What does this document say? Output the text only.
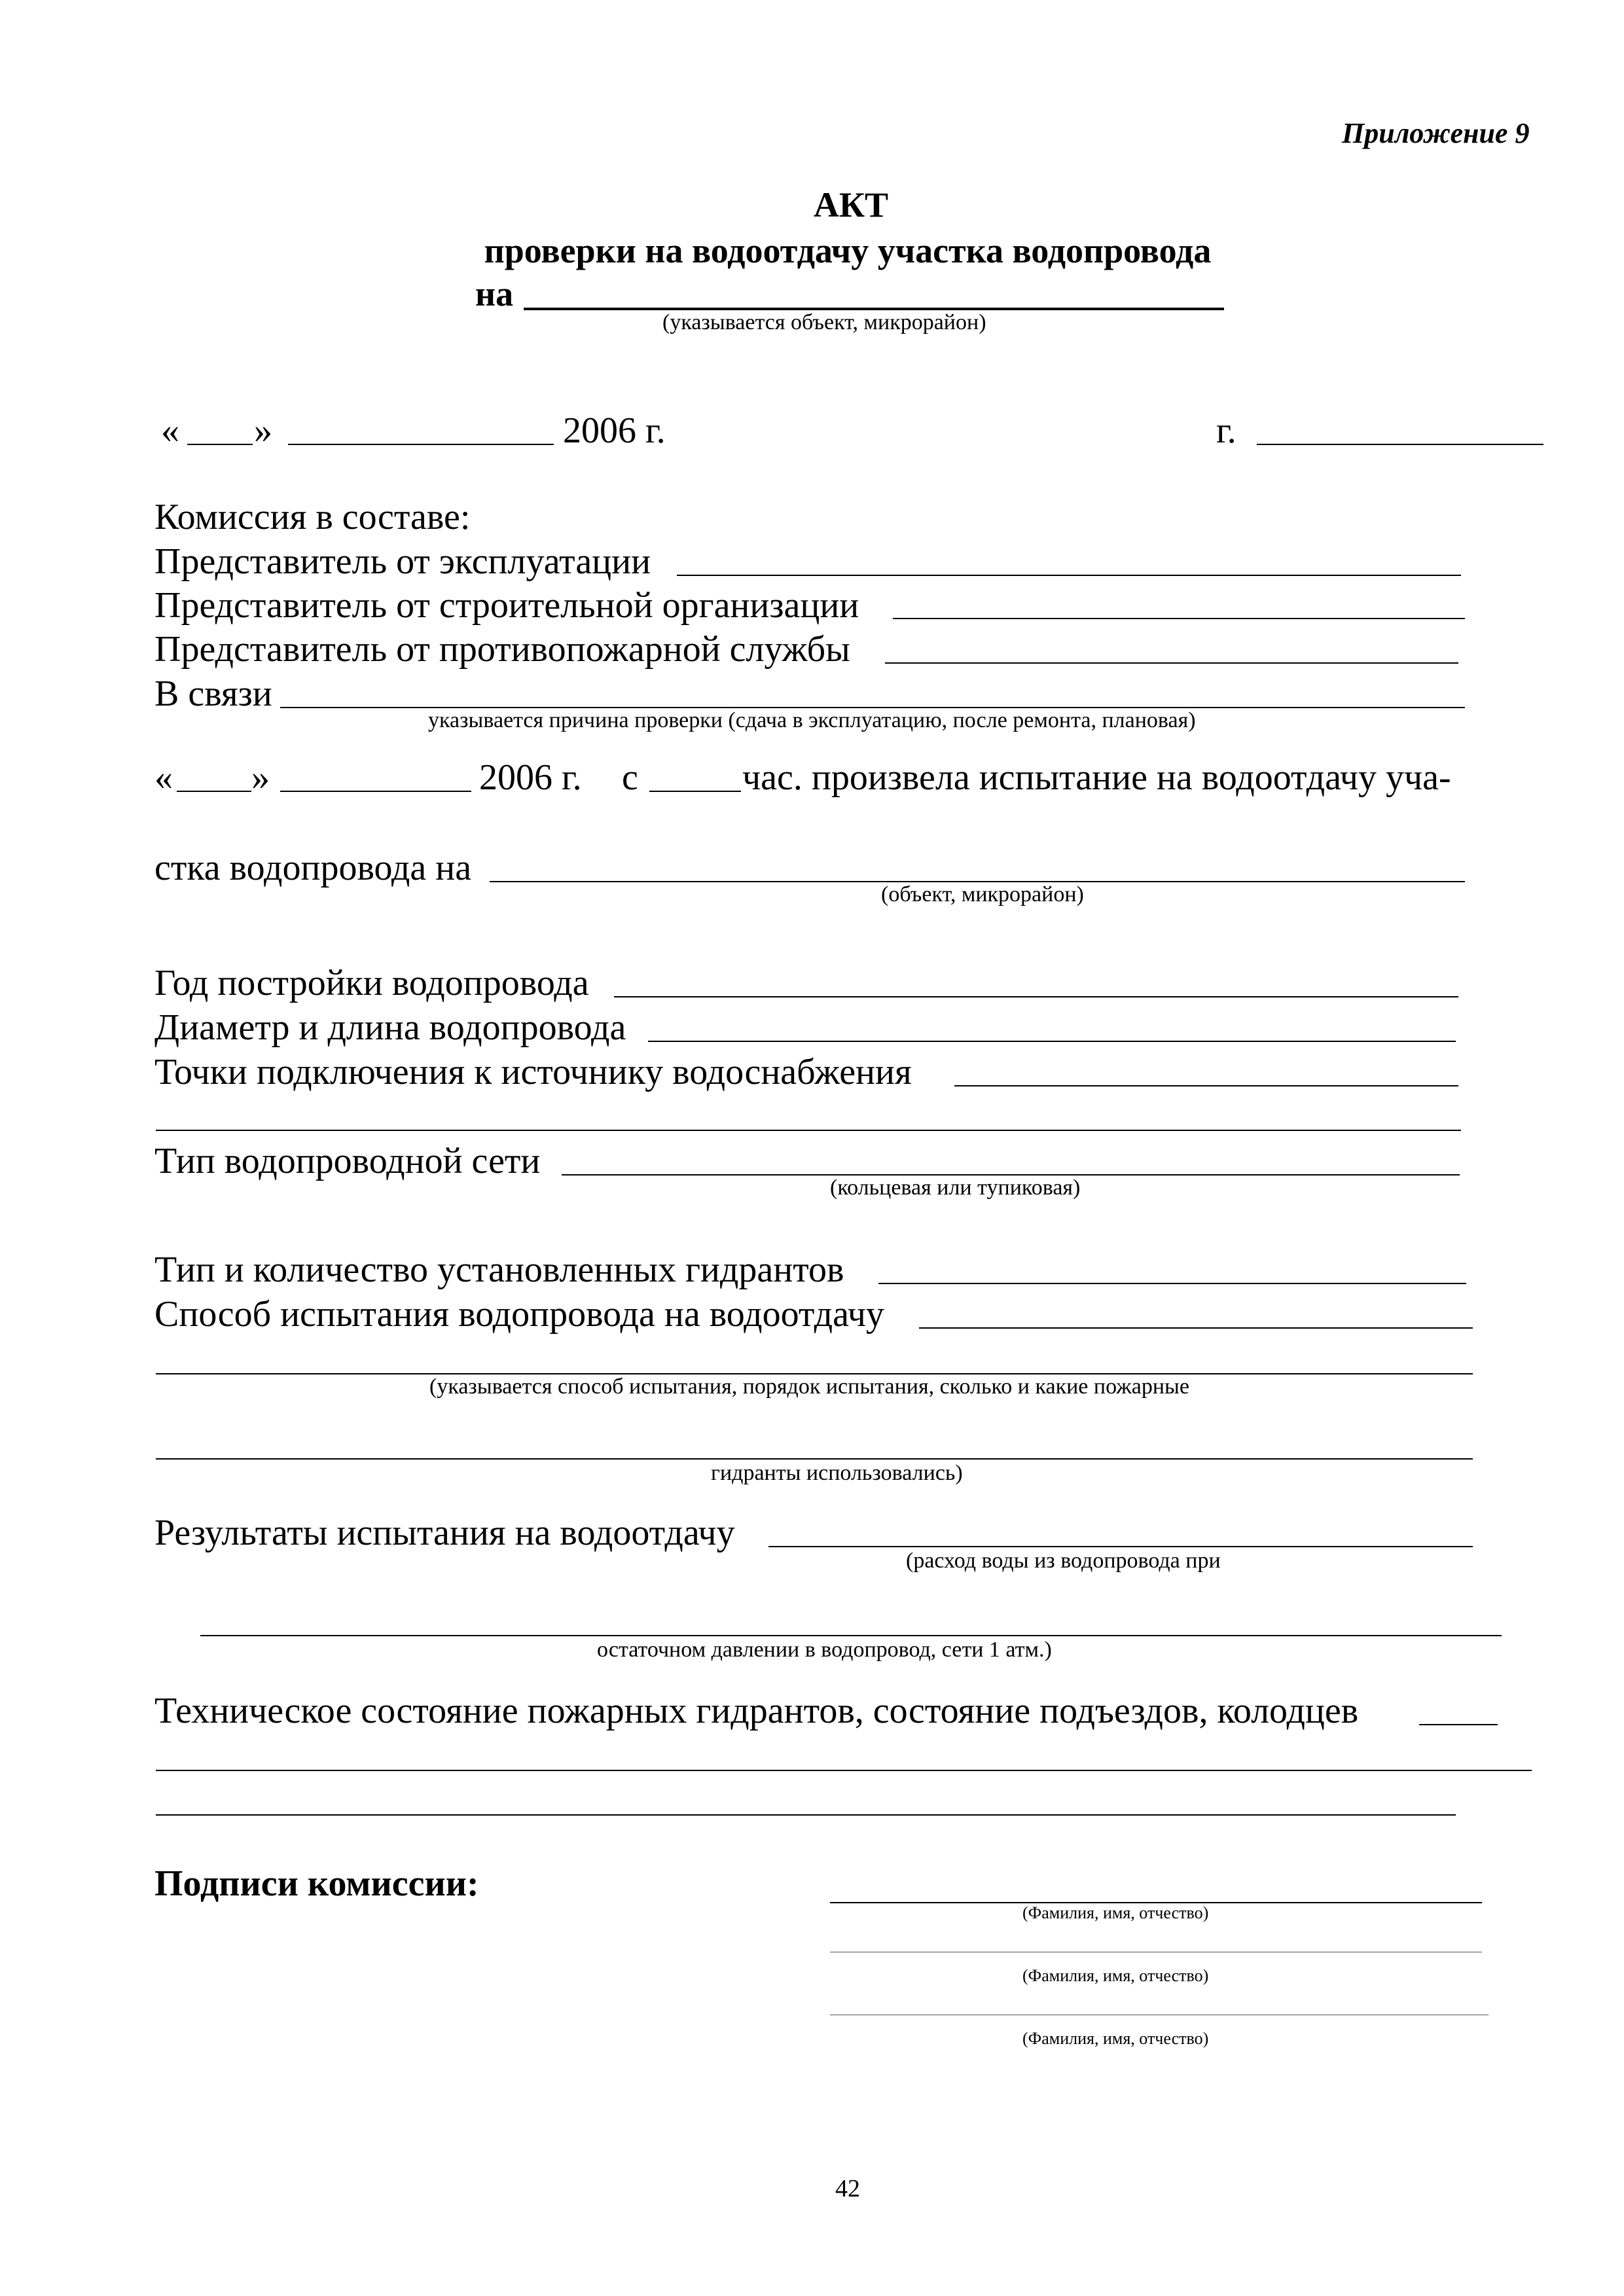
Приложение 9
АКТ
проверки на водоотдачу участка водопровода
на
(указывается объект, микрорайон)
« »	2006 г.	г.
Комиссия в составе:
Представитель от эксплуатации
Представитель от строительной организации
Представитель от противопожарной службы
В связи
указывается причина проверки (сдача в эксплуатацию, после ремонта, плановая)
« »	2006 г. с	час. произвела испытание на водоотдачу уча-
стка водопровода на
(объект, микрорайон)
Год постройки водопровода
Диаметр и длина водопровода
Точки подключения к источнику водоснабжения
Тип водопроводной сети
(кольцевая или тупиковая)
Тип и количество установленных гидрантов
Способ испытания водопровода на водоотдачу
(указывается способ испытания, порядок испытания, сколько и какие пожарные
гидранты использовались)
Результаты испытания на водоотдачу
(расход воды из водопровода при
остаточном давлении в водопровод, сети 1 атм.)
Техническое состояние пожарных гидрантов, состояние подъездов, колодцев
Подписи комиссии:
(Фамилия, имя, отчество)
(Фамилия, имя, отчество)
(Фамилия, имя, отчество)
42
